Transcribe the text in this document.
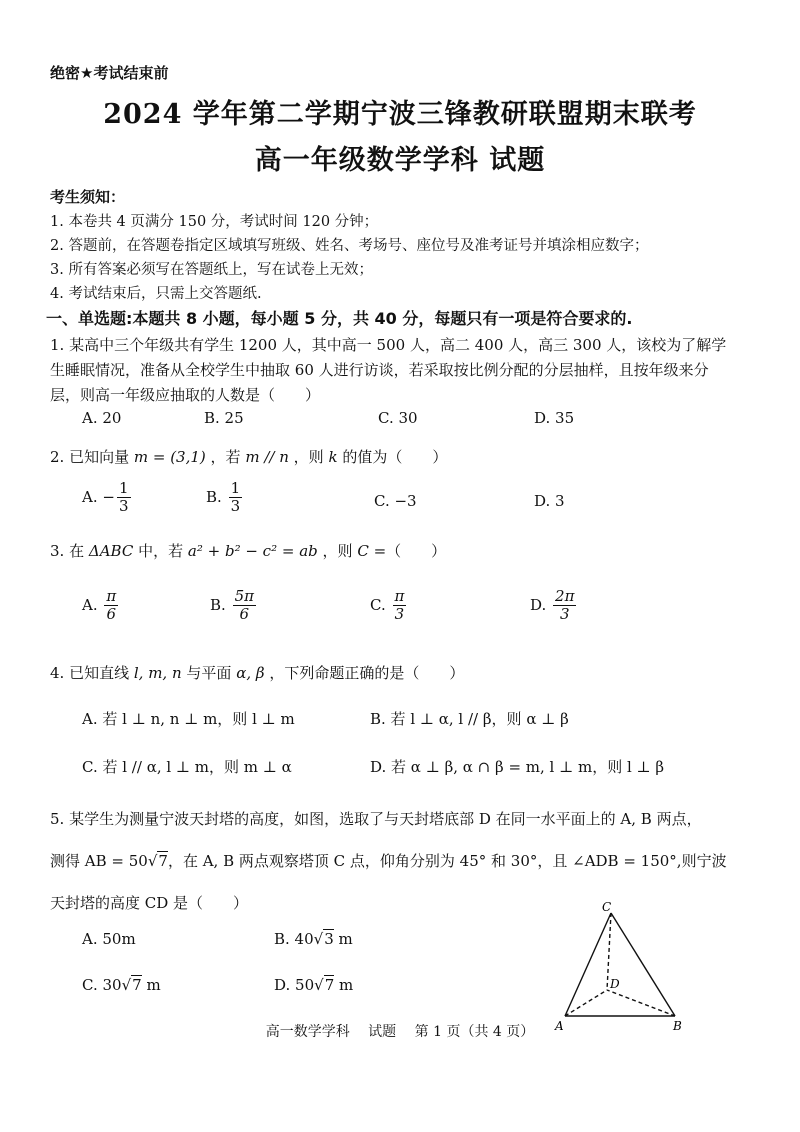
绝密★考试结束前
2024 学年第二学期宁波三锋教研联盟期末联考
高一年级数学学科 试题
考生须知：
1. 本卷共 4 页满分 150 分，考试时间 120 分钟；
2. 答题前，在答题卷指定区域填写班级、姓名、考场号、座位号及准考证号并填涂相应数字；
3. 所有答案必须写在答题纸上，写在试卷上无效；
4. 考试结束后，只需上交答题纸.
一、单选题:本题共 8 小题，每小题 5 分，共 40 分，每题只有一项是符合要求的.
1. 某高中三个年级共有学生 1200 人，其中高一 500 人，高二 400 人，高三 300 人，该校为了解学
生睡眠情况，准备从全校学生中抽取 60 人进行访谈，若采取按比例分配的分层抽样，且按年级来分
层，则高一年级应抽取的人数是（　　）
A. 20	B. 25	C. 30	D. 35
2. 已知向量 m = (3,1) ，若 m // n ，则 k 的值为（　　）
A. − $\frac{1}{3}$	B. $\frac{1}{3}$	C. −3	D. 3
3. 在 ΔABC 中，若 a² + b² − c² = ab ，则 C =（　　）
A. $\frac{\pi}{6}$	B. $\frac{5\pi}{6}$	C. $\frac{\pi}{3}$	D. $\frac{2\pi}{3}$
4. 已知直线 l, m, n 与平面 α, β ，下列命题正确的是（　　）
A. 若 l ⊥ n, n ⊥ m，则 l ⊥ m	B. 若 l ⊥ α, l // β，则 α ⊥ β
C. 若 l // α, l ⊥ m，则 m ⊥ α	D. 若 α ⊥ β, α ∩ β = m, l ⊥ m，则 l ⊥ β
5. 某学生为测量宁波天封塔的高度，如图，选取了与天封塔底部 D 在同一水平面上的 A, B 两点，
测得 AB = 50√7，在 A, B 两点观察塔顶 C 点，仰角分别为 45° 和 30°，且 ∠ADB = 150°,则宁波
天封塔的高度 CD 是（　　）
A. 50m	B. 40√3 m
C. 30√7 m	D. 50√7 m
C
D
A	B
高一数学学科　 试题　 第 1 页（共 4 页）
